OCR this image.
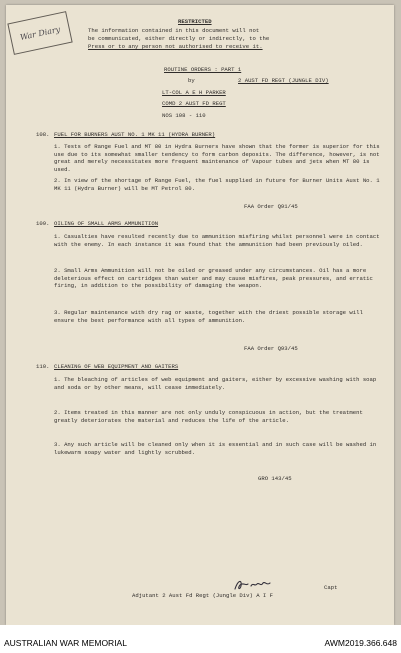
War Diary
RESTRICTED
The information contained in this document will not
be communicated, either directly or indirectly, to the
Press or to any person not authorised to receive it.
ROUTINE ORDERS : PART 1
by	2 AUST FD REGT (JUNGLE DIV)
LT-COL A E H PARKER
COMD 2 AUST FD REGT
NOS 108 - 110
108. FUEL FOR BURNERS AUST NO. 1 MK 11 (HYDRA BURNER)
1. Tests of Range Fuel and MT 80 in Hydra Burners have shown that the former is superior for this use due to its somewhat smaller tendency to form carbon deposits. The difference, however, is not great and merely necessitates more frequent maintenance of Vapour tubes and jets when MT 80 is used.
2. In view of the shortage of Range Fuel, the fuel supplied in future for Burner Units Aust No. 1 MK 11 (Hydra Burner) will be MT Petrol 80.
FAA Order Q91/45
109. OILING OF SMALL ARMS AMMUNITION
1. Casualties have resulted recently due to ammunition misfiring whilst personnel were in contact with the enemy. In each instance it was found that the ammunition had been previously oiled.
2. Small Arms Ammunition will not be oiled or greased under any circumstances. Oil has a more deleterious effect on cartridges than water and may cause misfires, peak pressures, and erratic firing, in addition to the possibility of damaging the weapon.
3. Regular maintenance with dry rag or waste, together with the driest possible storage will ensure the best performance with all types of ammunition.
FAA Order Q93/45
110. CLEANING OF WEB EQUIPMENT AND GAITERS
1. The bleaching of articles of web equipment and gaiters, either by excessive washing with soap and soda or by other means, will cease immediately.
2. Items treated in this manner are not only unduly conspicuous in action, but the treatment greatly deteriorates the material and reduces the life of the article.
3. Any such article will be cleaned only when it is essential and in such case will be washed in lukewarm soapy water and lightly scrubbed.
GRO 143/45
Capt
Adjutant 2 Aust Fd Regt (Jungle Div) A I F
AUSTRALIAN WAR MEMORIAL	AWM2019.366.648
